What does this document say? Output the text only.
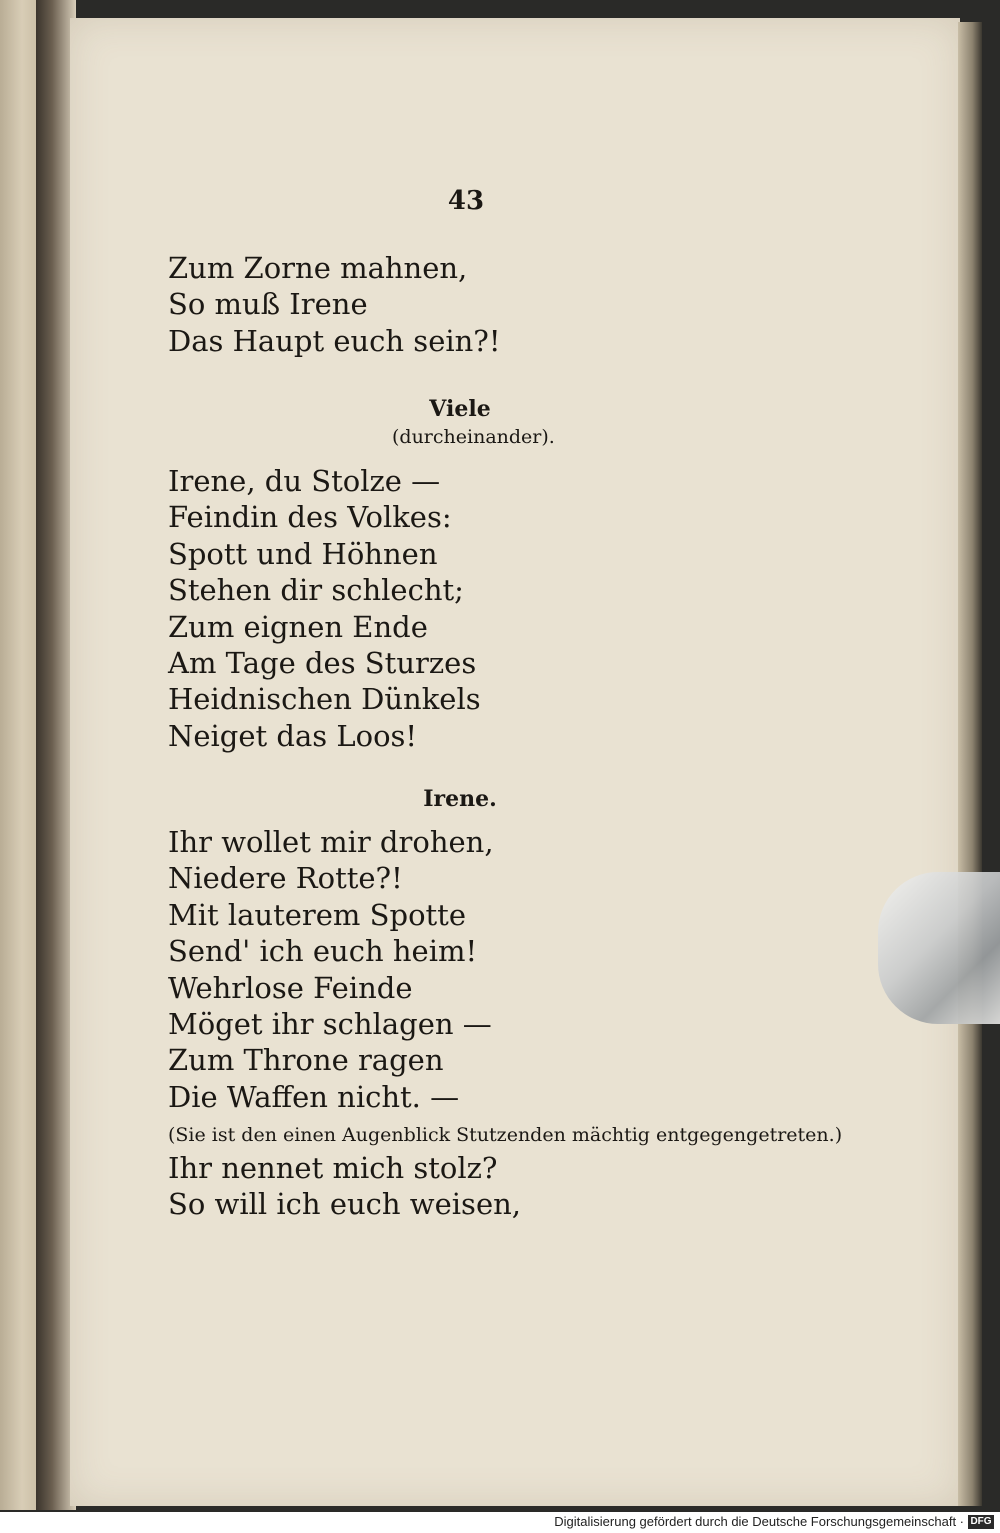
43
Zum Zorne mahnen,
So muß Irene
Das Haupt euch sein?!
Viele
(durcheinander).
Irene, du Stolze —
Feindin des Volkes:
Spott und Höhnen
Stehen dir schlecht;
Zum eignen Ende
Am Tage des Sturzes
Heidnischen Dünkels
Neiget das Loos!
Irene.
Ihr wollet mir drohen,
Niedere Rotte?!
Mit lauterem Spotte
Send' ich euch heim!
Wehrlose Feinde
Möget ihr schlagen —
Zum Throne ragen
Die Waffen nicht. —
(Sie ist den einen Augenblick Stutzenden mächtig entgegengetreten.)
Ihr nennet mich stolz?
So will ich euch weisen,
Digitalisierung gefördert durch die Deutsche Forschungsgemeinschaft · DFG
